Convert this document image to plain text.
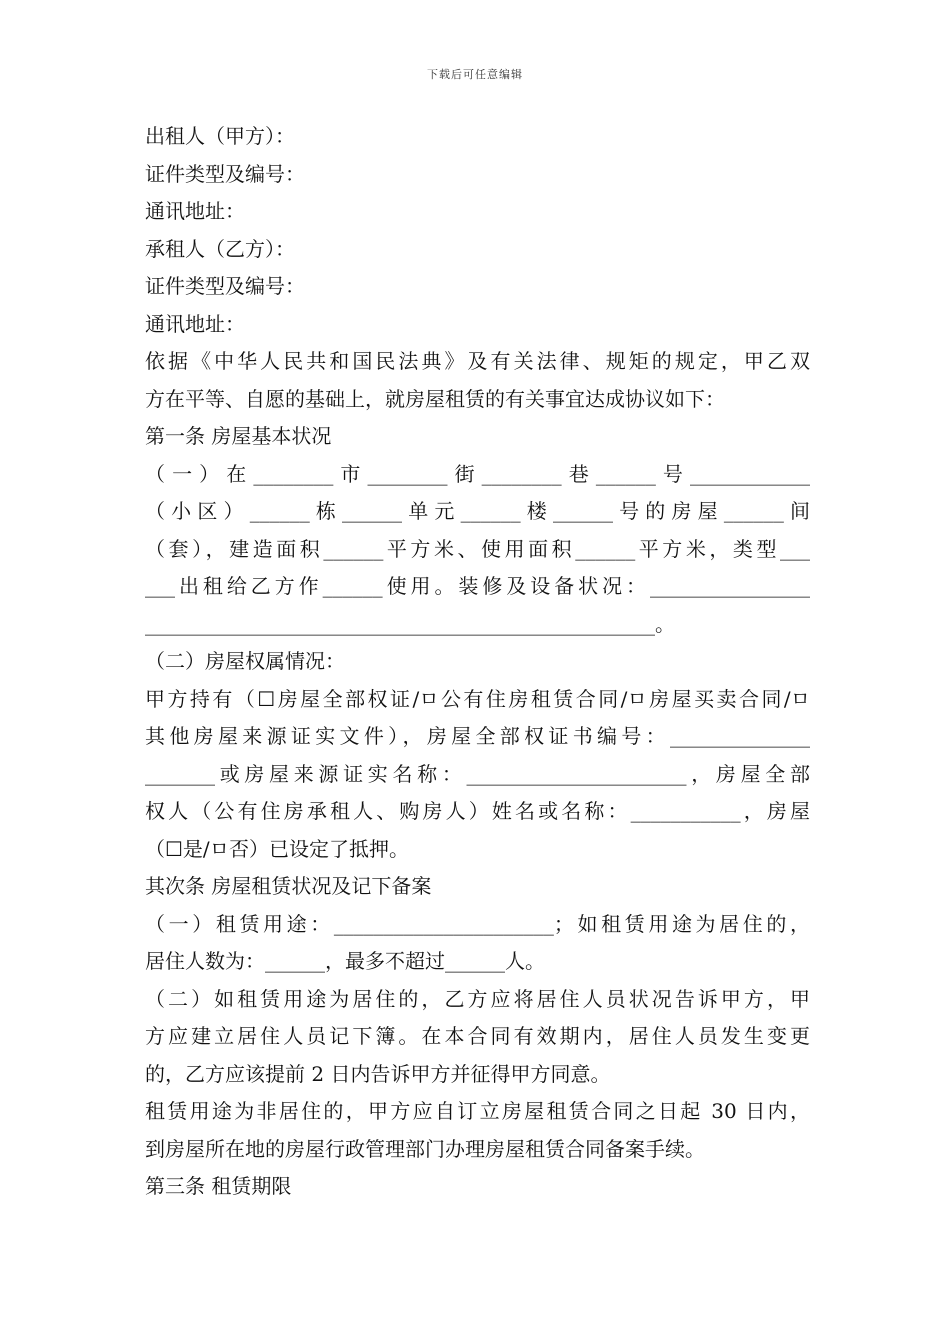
下载后可任意编辑
出租人（甲方）：
证件类型及编号：
通讯地址：
承租人（乙方）：
证件类型及编号：
通讯地址：
依据《中华人民共和国民法典》及有关法律、规矩的规定，甲乙双
方在平等、自愿的基础上，就房屋租赁的有关事宜达成协议如下：
第一条 房屋基本状况
（一）在________市________街________巷______号____________
（小区）______栋______单元______楼______号的房屋______间
（套），建造面积______平方米、使用面积______平方米，类型___
___出租给乙方作______使用。装修及设备状况：________________
___________________________________________________。
（二）房屋权属情况：
甲方持有（☐房屋全部权证/ㅁ公有住房租赁合同/ㅁ房屋买卖合同/ㅁ
其他房屋来源证实文件），房屋全部权证书编号：______________
_______或房屋来源证实名称：______________________，房屋全部
权人（公有住房承租人、购房人）姓名或名称：___________，房屋
（☐是/ㅁ否）已设定了抵押。
其次条 房屋租赁状况及记下备案
（一）租赁用途：______________________；如租赁用途为居住的，
居住人数为：______，最多不超过______人。
（二）如租赁用途为居住的，乙方应将居住人员状况告诉甲方，甲
方应建立居住人员记下簿。在本合同有效期内，居住人员发生变更
的，乙方应该提前 2 日内告诉甲方并征得甲方同意。
租赁用途为非居住的，甲方应自订立房屋租赁合同之日起 30 日内，
到房屋所在地的房屋行政管理部门办理房屋租赁合同备案手续。
第三条 租赁期限
